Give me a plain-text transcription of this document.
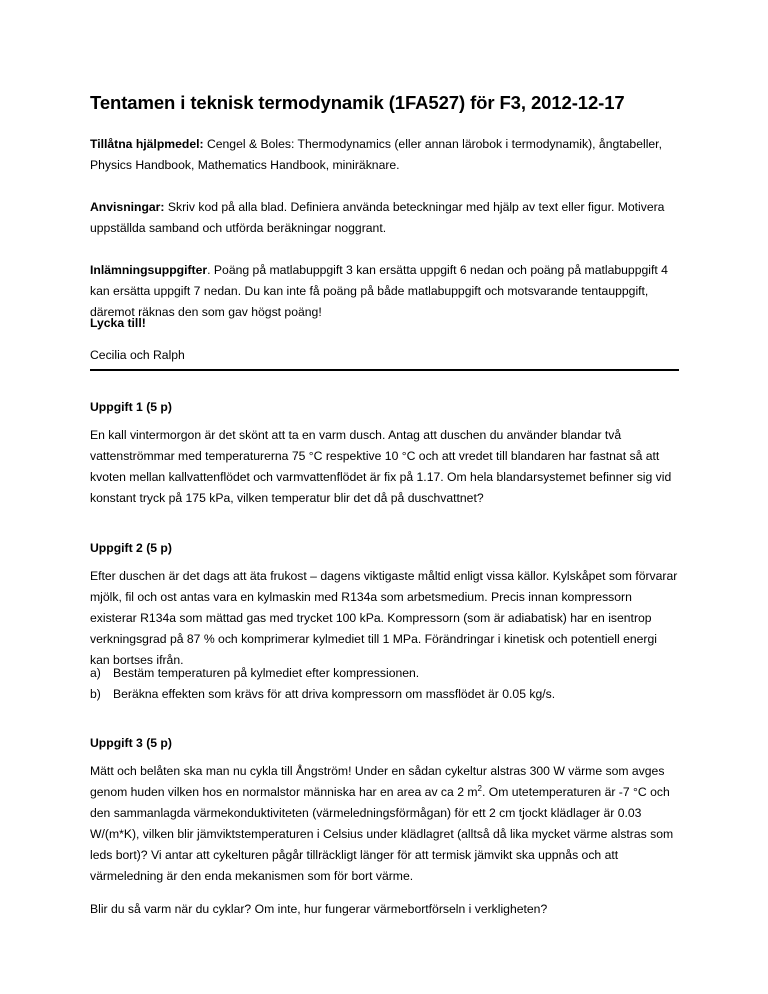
Tentamen i teknisk termodynamik (1FA527) för F3, 2012-12-17
Tillåtna hjälpmedel: Cengel & Boles: Thermodynamics (eller annan lärobok i termodynamik), ångtabeller, Physics Handbook, Mathematics Handbook, miniräknare.
Anvisningar: Skriv kod på alla blad. Definiera använda beteckningar med hjälp av text eller figur. Motivera uppställda samband och utförda beräkningar noggrant.
Inlämningsuppgifter. Poäng på matlabuppgift 3 kan ersätta uppgift 6 nedan och poäng på matlabuppgift 4 kan ersätta uppgift 7 nedan. Du kan inte få poäng på både matlabuppgift och motsvarande tentauppgift, däremot räknas den som gav högst poäng!
Lycka till!
Cecilia och Ralph
Uppgift 1 (5 p)
En kall vintermorgon är det skönt att ta en varm dusch. Antag att duschen du använder blandar två vattenströmmar med temperaturerna 75 °C respektive 10 °C och att vredet till blandaren har fastnat så att kvoten mellan kallvattenflödet och varmvattenflödet är fix på 1.17. Om hela blandarsystemet befinner sig vid konstant tryck på 175 kPa, vilken temperatur blir det då på duschvattnet?
Uppgift 2 (5 p)
Efter duschen är det dags att äta frukost – dagens viktigaste måltid enligt vissa källor. Kylskåpet som förvarar mjölk, fil och ost antas vara en kylmaskin med R134a som arbetsmedium. Precis innan kompressorn existerar R134a som mättad gas med trycket 100 kPa. Kompressorn (som är adiabatisk) har en isentrop verkningsgrad på 87 % och komprimerar kylmediet till 1 MPa. Förändringar i kinetisk och potentiell energi kan bortses ifrån.
a) Bestäm temperaturen på kylmediet efter kompressionen.
b) Beräkna effekten som krävs för att driva kompressorn om massflödet är 0.05 kg/s.
Uppgift 3 (5 p)
Mätt och belåten ska man nu cykla till Ångström! Under en sådan cykeltur alstras 300 W värme som avges genom huden vilken hos en normalstor människa har en area av ca 2 $m^2$. Om utetemperaturen är -7 °C och den sammanlagda värmekonduktiviteten (värmeledningsförmågan) för ett 2 cm tjockt klädlager är 0.03 W/(m*K), vilken blir jämviktstemperaturen i Celsius under klädlagret (alltså då lika mycket värme alstras som leds bort)? Vi antar att cykelturen pågår tillräckligt länger för att termisk jämvikt ska uppnås och att värmeledning är den enda mekanismen som för bort värme.
Blir du så varm när du cyklar? Om inte, hur fungerar värmebortförseln i verkligheten?
